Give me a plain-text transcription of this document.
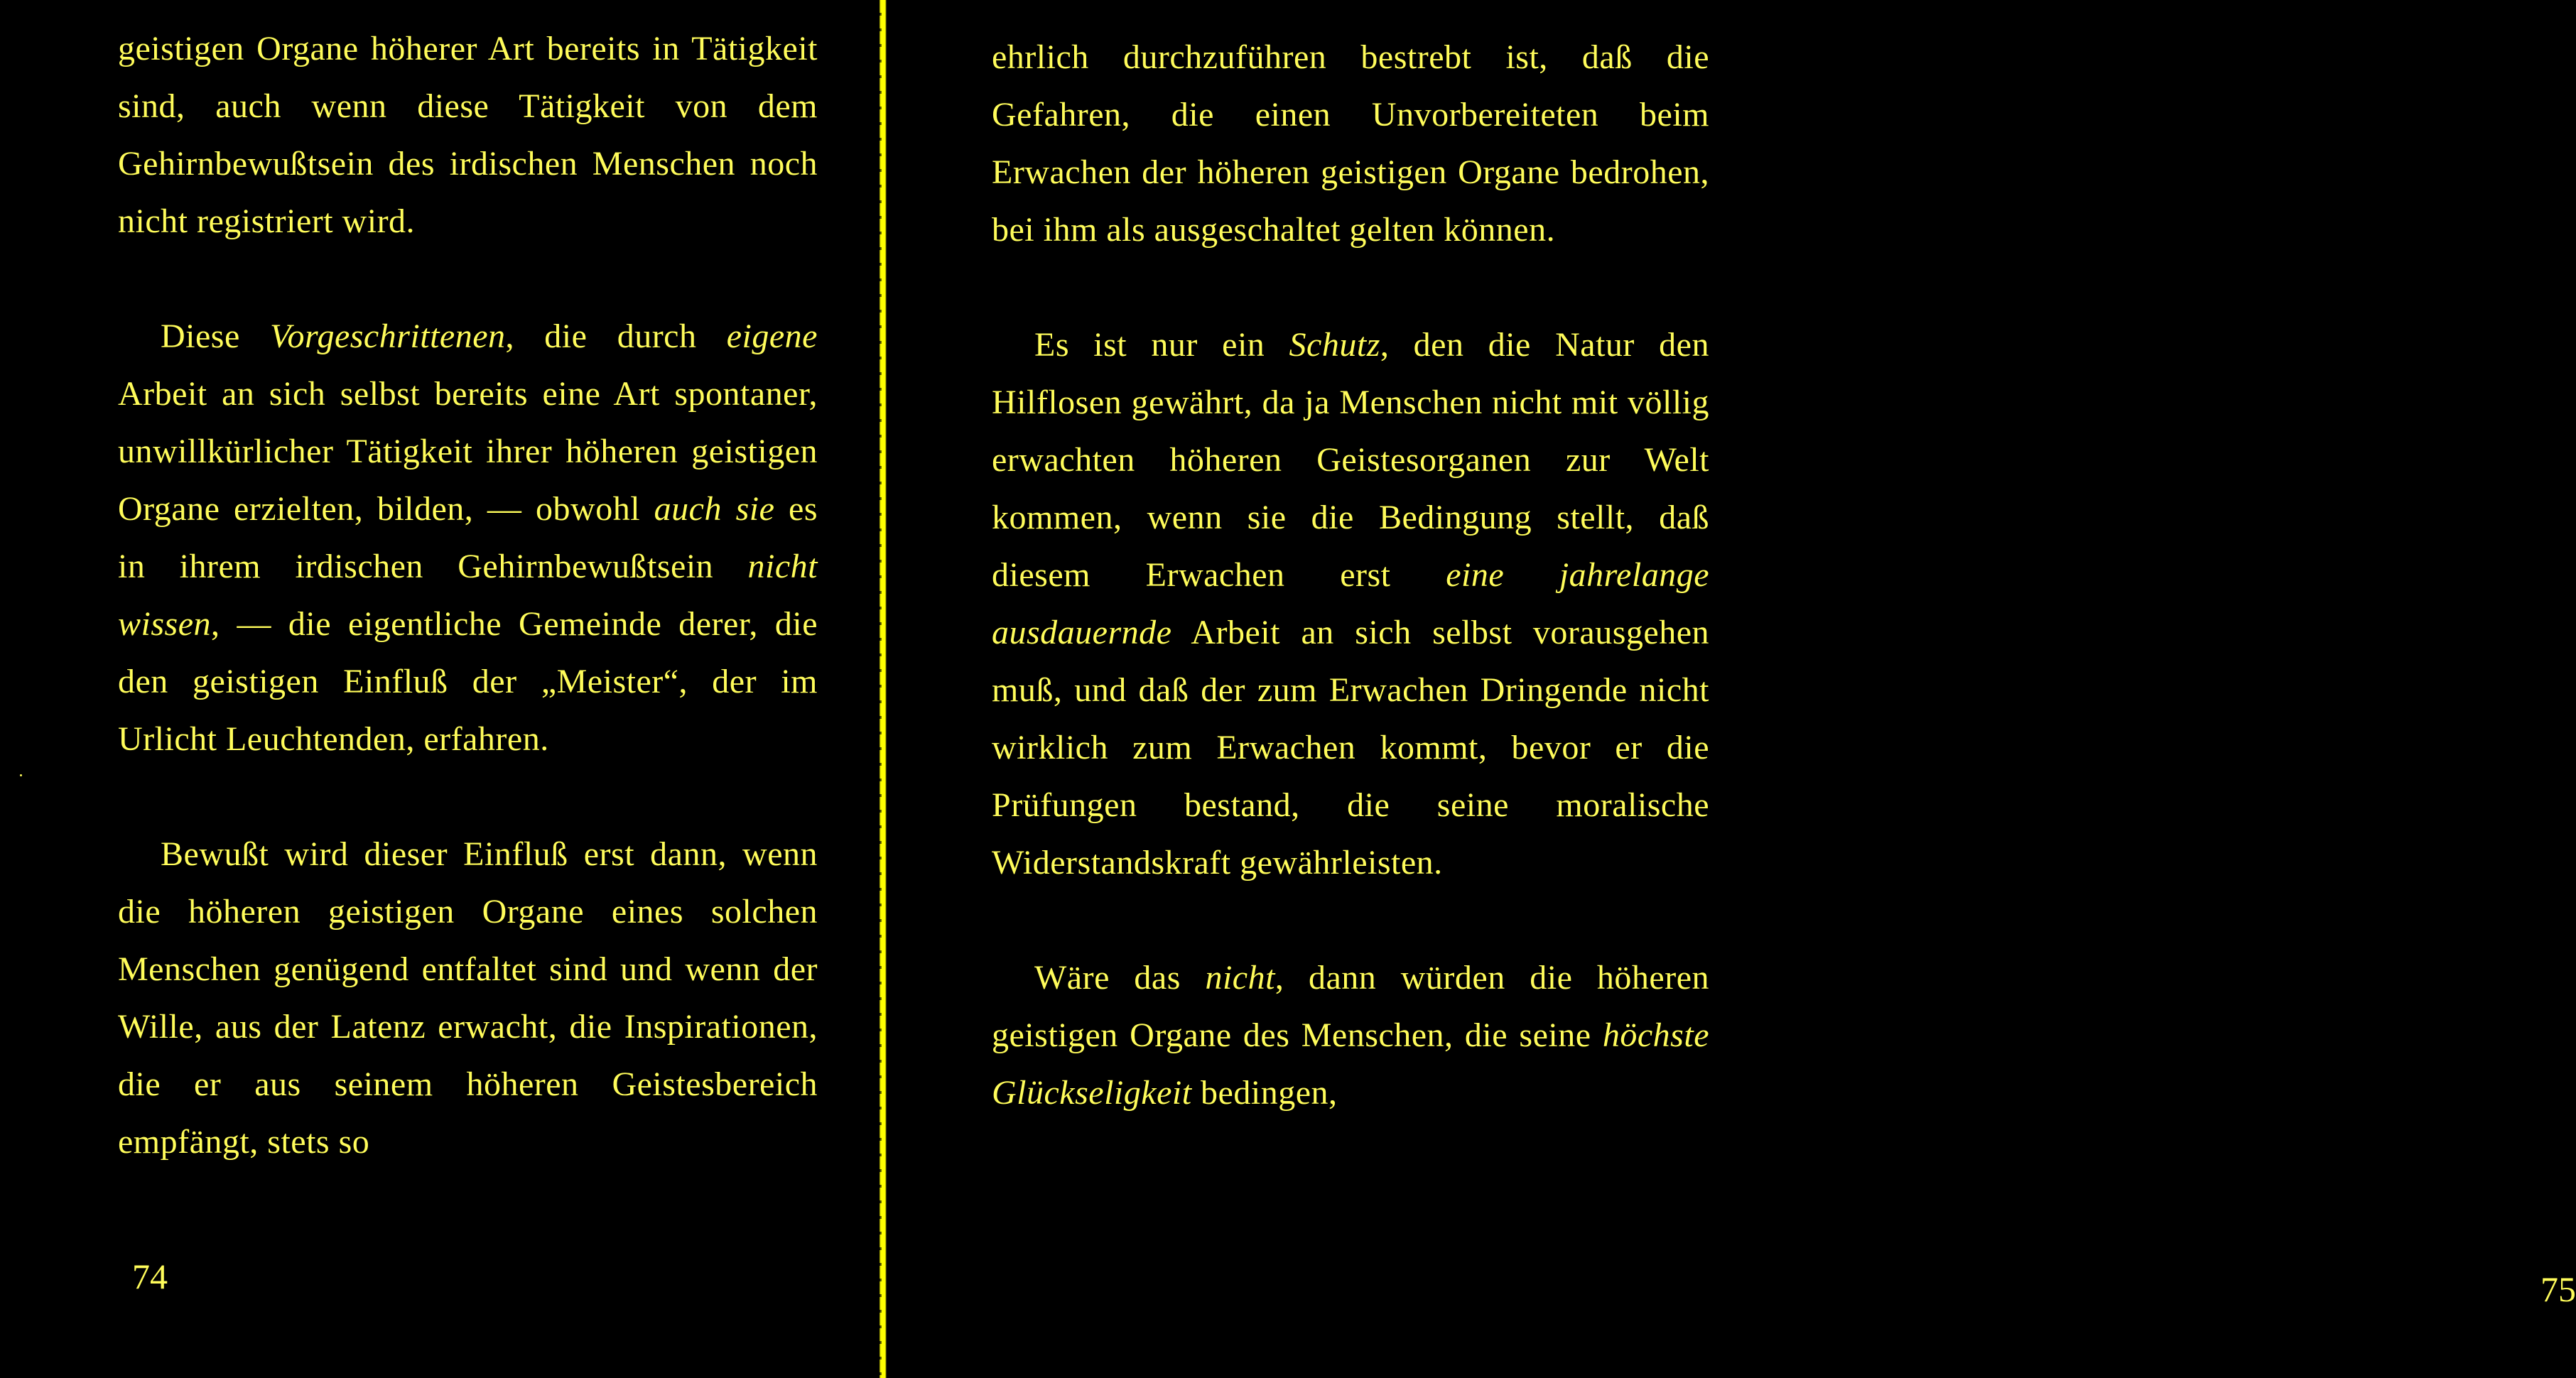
geistigen Organe höherer Art bereits in Tätigkeit sind, auch wenn diese Tätigkeit von dem Gehirnbewußtsein des irdischen Menschen noch nicht registriert wird.

Diese Vorgeschrittenen, die durch eigene Arbeit an sich selbst bereits eine Art spontaner, unwillkürlicher Tätigkeit ihrer höheren geistigen Organe erzielten, bilden, — obwohl auch sie es in ihrem irdischen Gehirnbewußtsein nicht wissen, — die eigentliche Gemeinde derer, die den geistigen Einfluß der „Meister“, der im Urlicht Leuchtenden, erfahren.

Bewußt wird dieser Einfluß erst dann, wenn die höheren geistigen Organe eines solchen Menschen genügend entfaltet sind und wenn der Wille, aus der Latenz erwacht, die Inspirationen, die er aus seinem höheren Geistesbereich empfängt, stets so

74

ehrlich durchzuführen bestrebt ist, daß die Gefahren, die einen Unvorbereiteten beim Erwachen der höheren geistigen Organe bedrohen, bei ihm als ausgeschaltet gelten können.

Es ist nur ein Schutz, den die Natur den Hilflosen gewährt, da ja Menschen nicht mit völlig erwachten höheren Geistesorganen zur Welt kommen, wenn sie die Bedingung stellt, daß diesem Erwachen erst eine jahrelange ausdauernde Arbeit an sich selbst vorausgehen muß, und daß der zum Erwachen Dringende nicht wirklich zum Erwachen kommt, bevor er die Prüfungen bestand, die seine moralische Widerstandskraft gewährleisten.

Wäre das nicht, dann würden die höheren geistigen Organe des Menschen, die seine höchste Glückseligkeit bedingen,

75
